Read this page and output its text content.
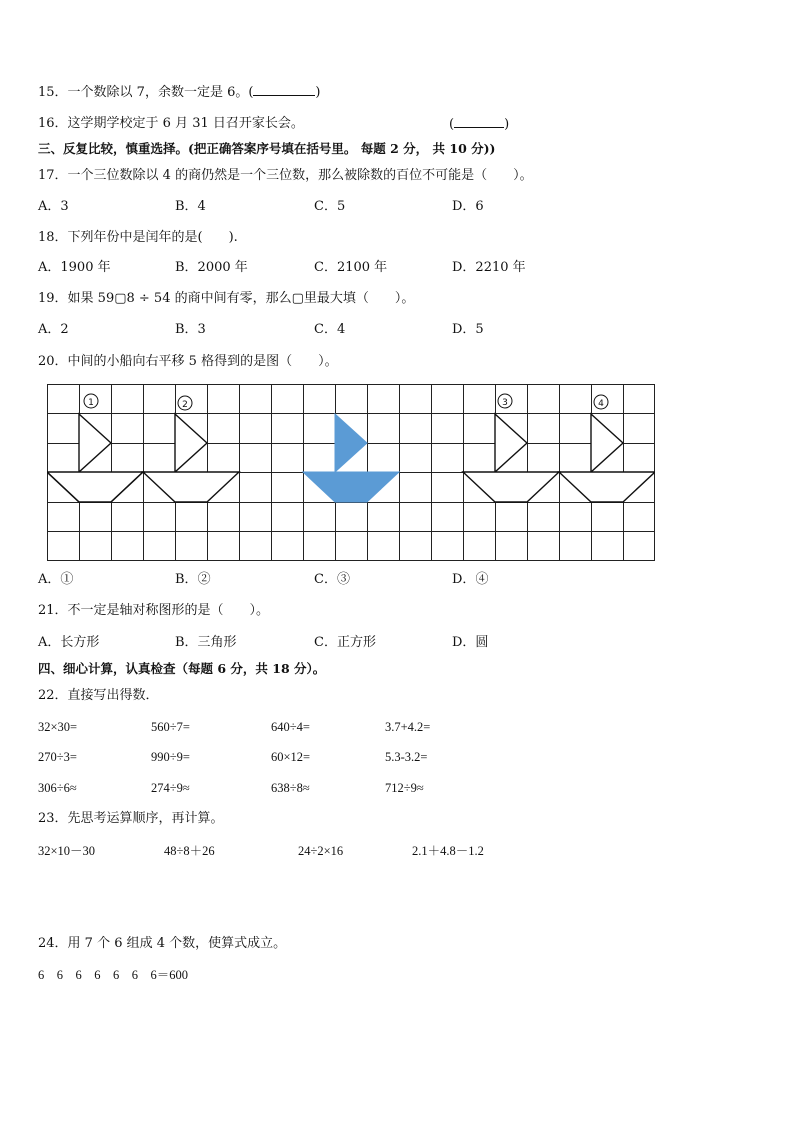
15．一个数除以 7，余数一定是 6。(	)
16．这学期学校定于 6 月 31 日召开家长会。	(	)
三、反复比较，慎重选择。(把正确答案序号填在括号里。 每题 2 分， 共 10 分))
17．一个三位数除以 4 的商仍然是一个三位数，那么被除数的百位不可能是（　　）。
A．3	B．4	C．5	D．6
18．下列年份中是闰年的是(　　).
A．1900 年	B．2000 年	C．2100 年	D．2210 年
19．如果 59▢8 ÷ 54 的商中间有零，那么▢里最大填（　　）。
A．2	B．3	C．4	D．5
20．中间的小船向右平移 5 格得到的是图（　　）。
1	2	3	4
A．①	B．②	C．③	D．④
21．不一定是轴对称图形的是（　　）。
A．长方形	B．三角形	C．正方形	D．圆
四、细心计算，认真检查（每题 6 分，共 18 分）。
22．直接写出得数．
32×30=	560÷7=	640÷4=	3.7+4.2=
270÷3=	990÷9=	60×12=	5.3-3.2=
306÷6≈	274÷9≈	638÷8≈	712÷9≈
23．先思考运算顺序，再计算。
32×10－30	48÷8＋26	24÷2×16	2.1＋4.8－1.2
24．用 7 个 6 组成 4 个数，使算式成立。
6　6　6　6　6　6　6＝600
